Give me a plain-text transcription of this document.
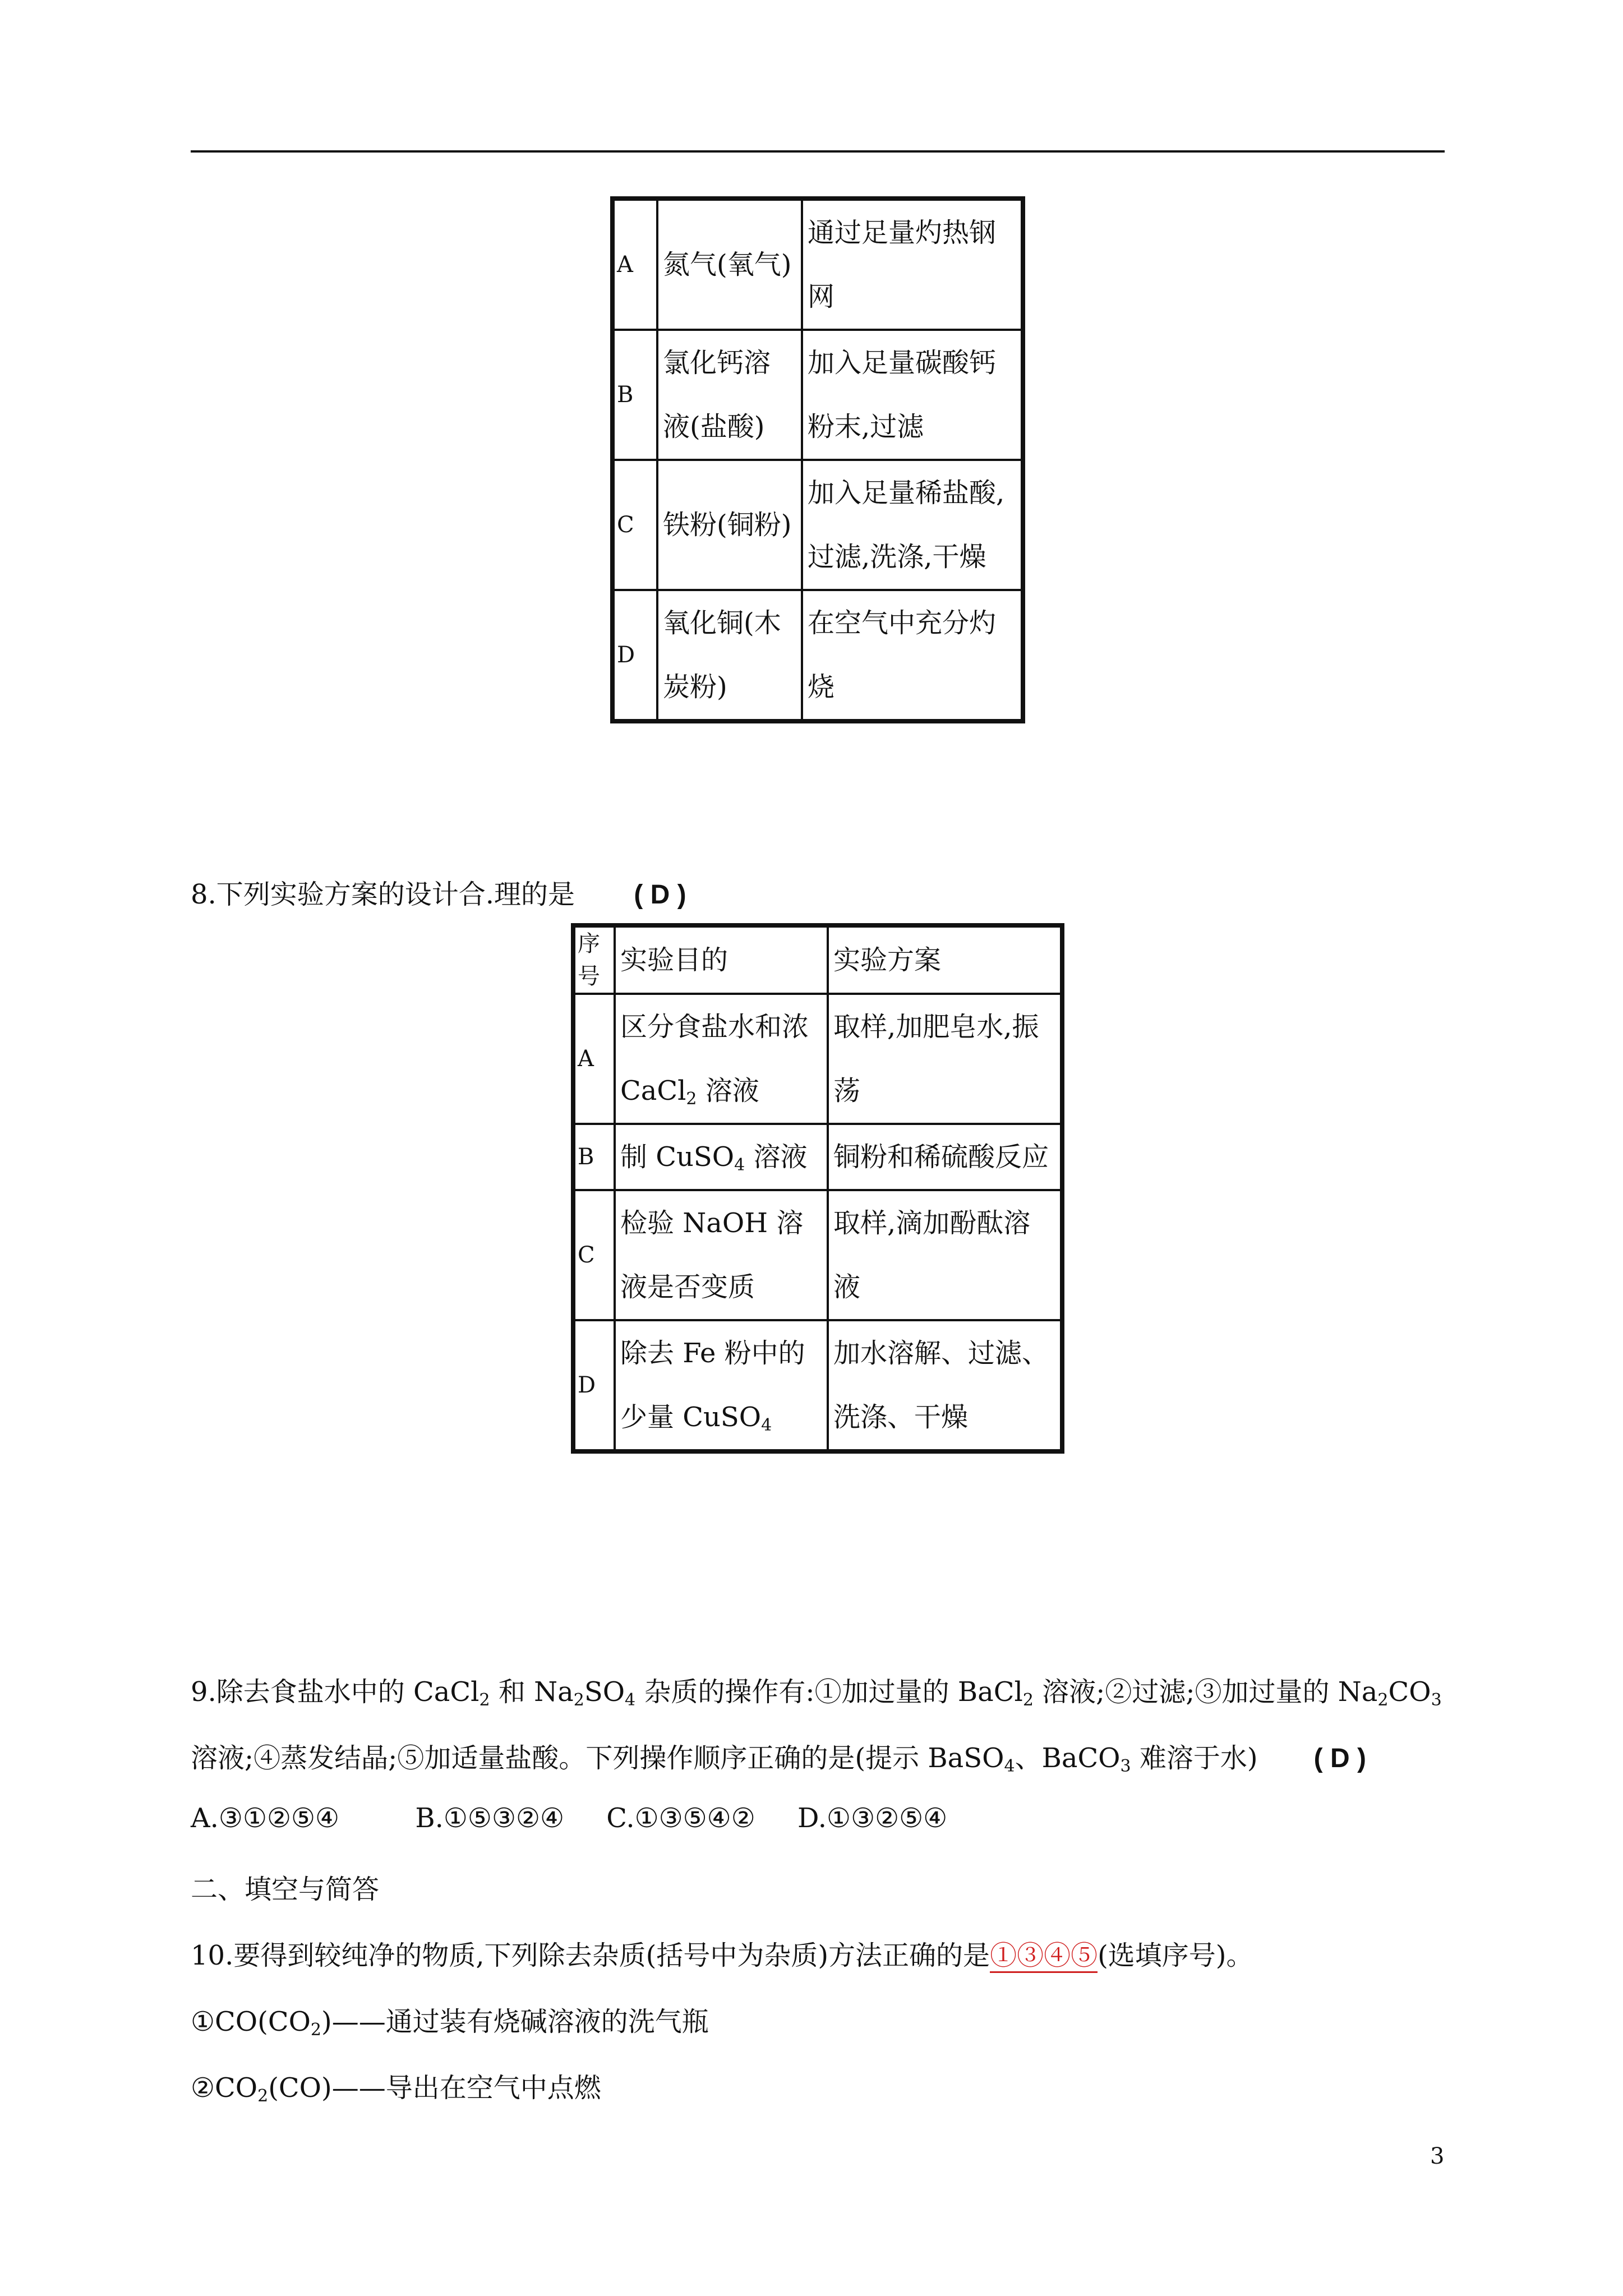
A	氮气(氧气)	通过足量灼热钢网
B	氯化钙溶液(盐酸)	加入足量碳酸钙粉末,过滤
C	铁粉(铜粉)	加入足量稀盐酸,过滤,洗涤,干燥
D	氧化铜(木炭粉)	在空气中充分灼烧
8.下列实验方案的设计合.理的是 ( D )
序号	实验目的	实验方案
A	区分食盐水和浓 CaCl$_2$ 溶液	取样,加肥皂水,振荡
B	制 CuSO$_4$ 溶液	铜粉和稀硫酸反应
C	检验 NaOH 溶液是否变质	取样,滴加酚酞溶液
D	除去 Fe 粉中的少量 CuSO$_4$	加水溶解、过滤、洗涤、干燥
9.除去食盐水中的 CaCl$_2$ 和 $Na_2SO_4$ 杂质的操作有:①加过量的 BaCl$_2$ 溶液;②过滤;③加过量的 $Na_2CO_3$
溶液;④蒸发结晶;⑤加适量盐酸。下列操作顺序正确的是(提示 BaSO$_4$、BaCO$_3$ 难溶于水) ( D )
A.③①②⑤④	B.①⑤③②④ C.①③⑤④② D.①③②⑤④
二、填空与简答
10.要得到较纯净的物质,下列除去杂质(括号中为杂质)方法正确的是①③④⑤(选填序号)。
$①CO(CO_2)——$通过装有烧碱溶液的洗气瓶
$②CO_2(CO)——$导出在空气中点燃
3
